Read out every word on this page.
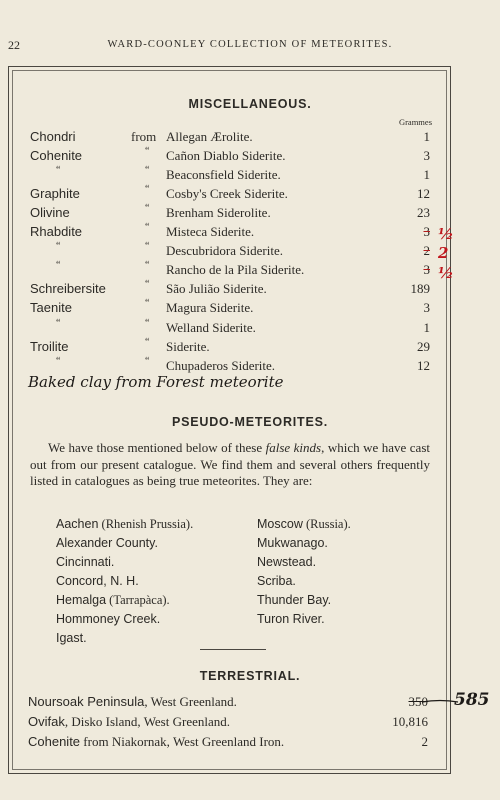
22	WARD-COONLEY COLLECTION OF METEORITES.
MISCELLANEOUS.
Grammes
Chondri	from Allegan Ærolite.	1
Cohenite	“ Cañon Diablo Siderite.	3
“	“ Beaconsfield Siderite.	1
Graphite	“ Cosby's Creek Siderite.	12
Olivine	“ Brenham Siderolite.	23
Rhabdite	“ Misteca Siderite.	3
“	“ Descubridora Siderite.	2
“	“ Rancho de la Pila Siderite.	3
Schreibersite	“ São Julião Siderite.	189
Taenite	“ Magura Siderite.	3
“	“ Welland Siderite.	1
Troilite	“ Siderite.	29
“	“ Chupaderos Siderite.	12
½
2
½
Baked clay from Forest meteorite
PSEUDO-METEORITES.
We have those mentioned below of these false kinds, which we have cast out from our present catalogue. We find them and several others frequently listed in catalogues as being true meteorites. They are:
Aachen (Rhenish Prussia).
Alexander County.
Cincinnati.
Concord, N. H.
Hemalga (Tarrapàca).
Hommoney Creek.
Igast.
Moscow (Russia).
Mukwanago.
Newstead.
Scriba.
Thunder Bay.
Turon River.
TERRESTRIAL.
Noursoak Peninsula, West Greenland.	350
Ovifak, Disko Island, West Greenland.	10,816
Cohenite from Niakornak, West Greenland Iron.	2
585
